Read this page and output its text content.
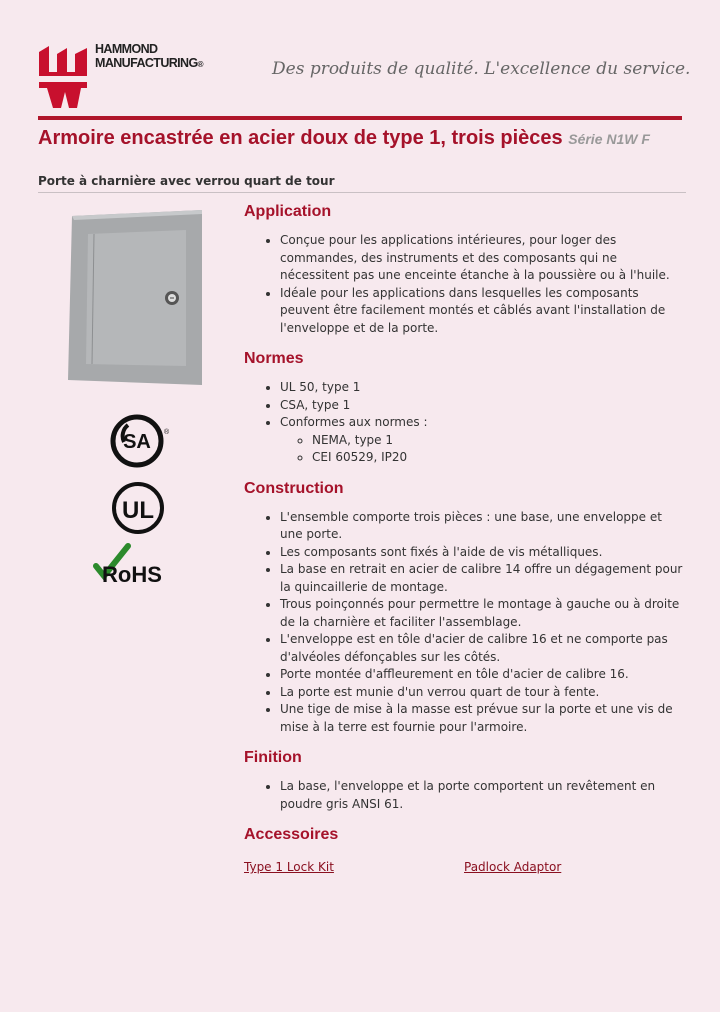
HAMMOND
MANUFACTURING®	Des produits de qualité. L'excellence du service.
Armoire encastrée en acier doux de type 1, trois pièces Série N1W F
Porte à charnière avec verrou quart de tour
SA ®
UL
RoHS
Application
• Conçue pour les applications intérieures, pour loger des commandes, des instruments et des composants qui ne nécessitent pas une enceinte étanche à la poussière ou à l'huile.
• Idéale pour les applications dans lesquelles les composants peuvent être facilement montés et câblés avant l'installation de l'enveloppe et de la porte.
Normes
• UL 50, type 1
• CSA, type 1
• Conformes aux normes :
◦ NEMA, type 1
◦ CEI 60529, IP20
Construction
• L'ensemble comporte trois pièces : une base, une enveloppe et une porte.
• Les composants sont fixés à l'aide de vis métalliques.
• La base en retrait en acier de calibre 14 offre un dégagement pour la quincaillerie de montage.
• Trous poinçonnés pour permettre le montage à gauche ou à droite de la charnière et faciliter l'assemblage.
• L'enveloppe est en tôle d'acier de calibre 16 et ne comporte pas d'alvéoles défonçables sur les côtés.
• Porte montée d'affleurement en tôle d'acier de calibre 16.
• La porte est munie d'un verrou quart de tour à fente.
• Une tige de mise à la masse est prévue sur la porte et une vis de mise à la terre est fournie pour l'armoire.
Finition
• La base, l'enveloppe et la porte comportent un revêtement en poudre gris ANSI 61.
Accessoires
Type 1 Lock Kit	Padlock Adaptor
